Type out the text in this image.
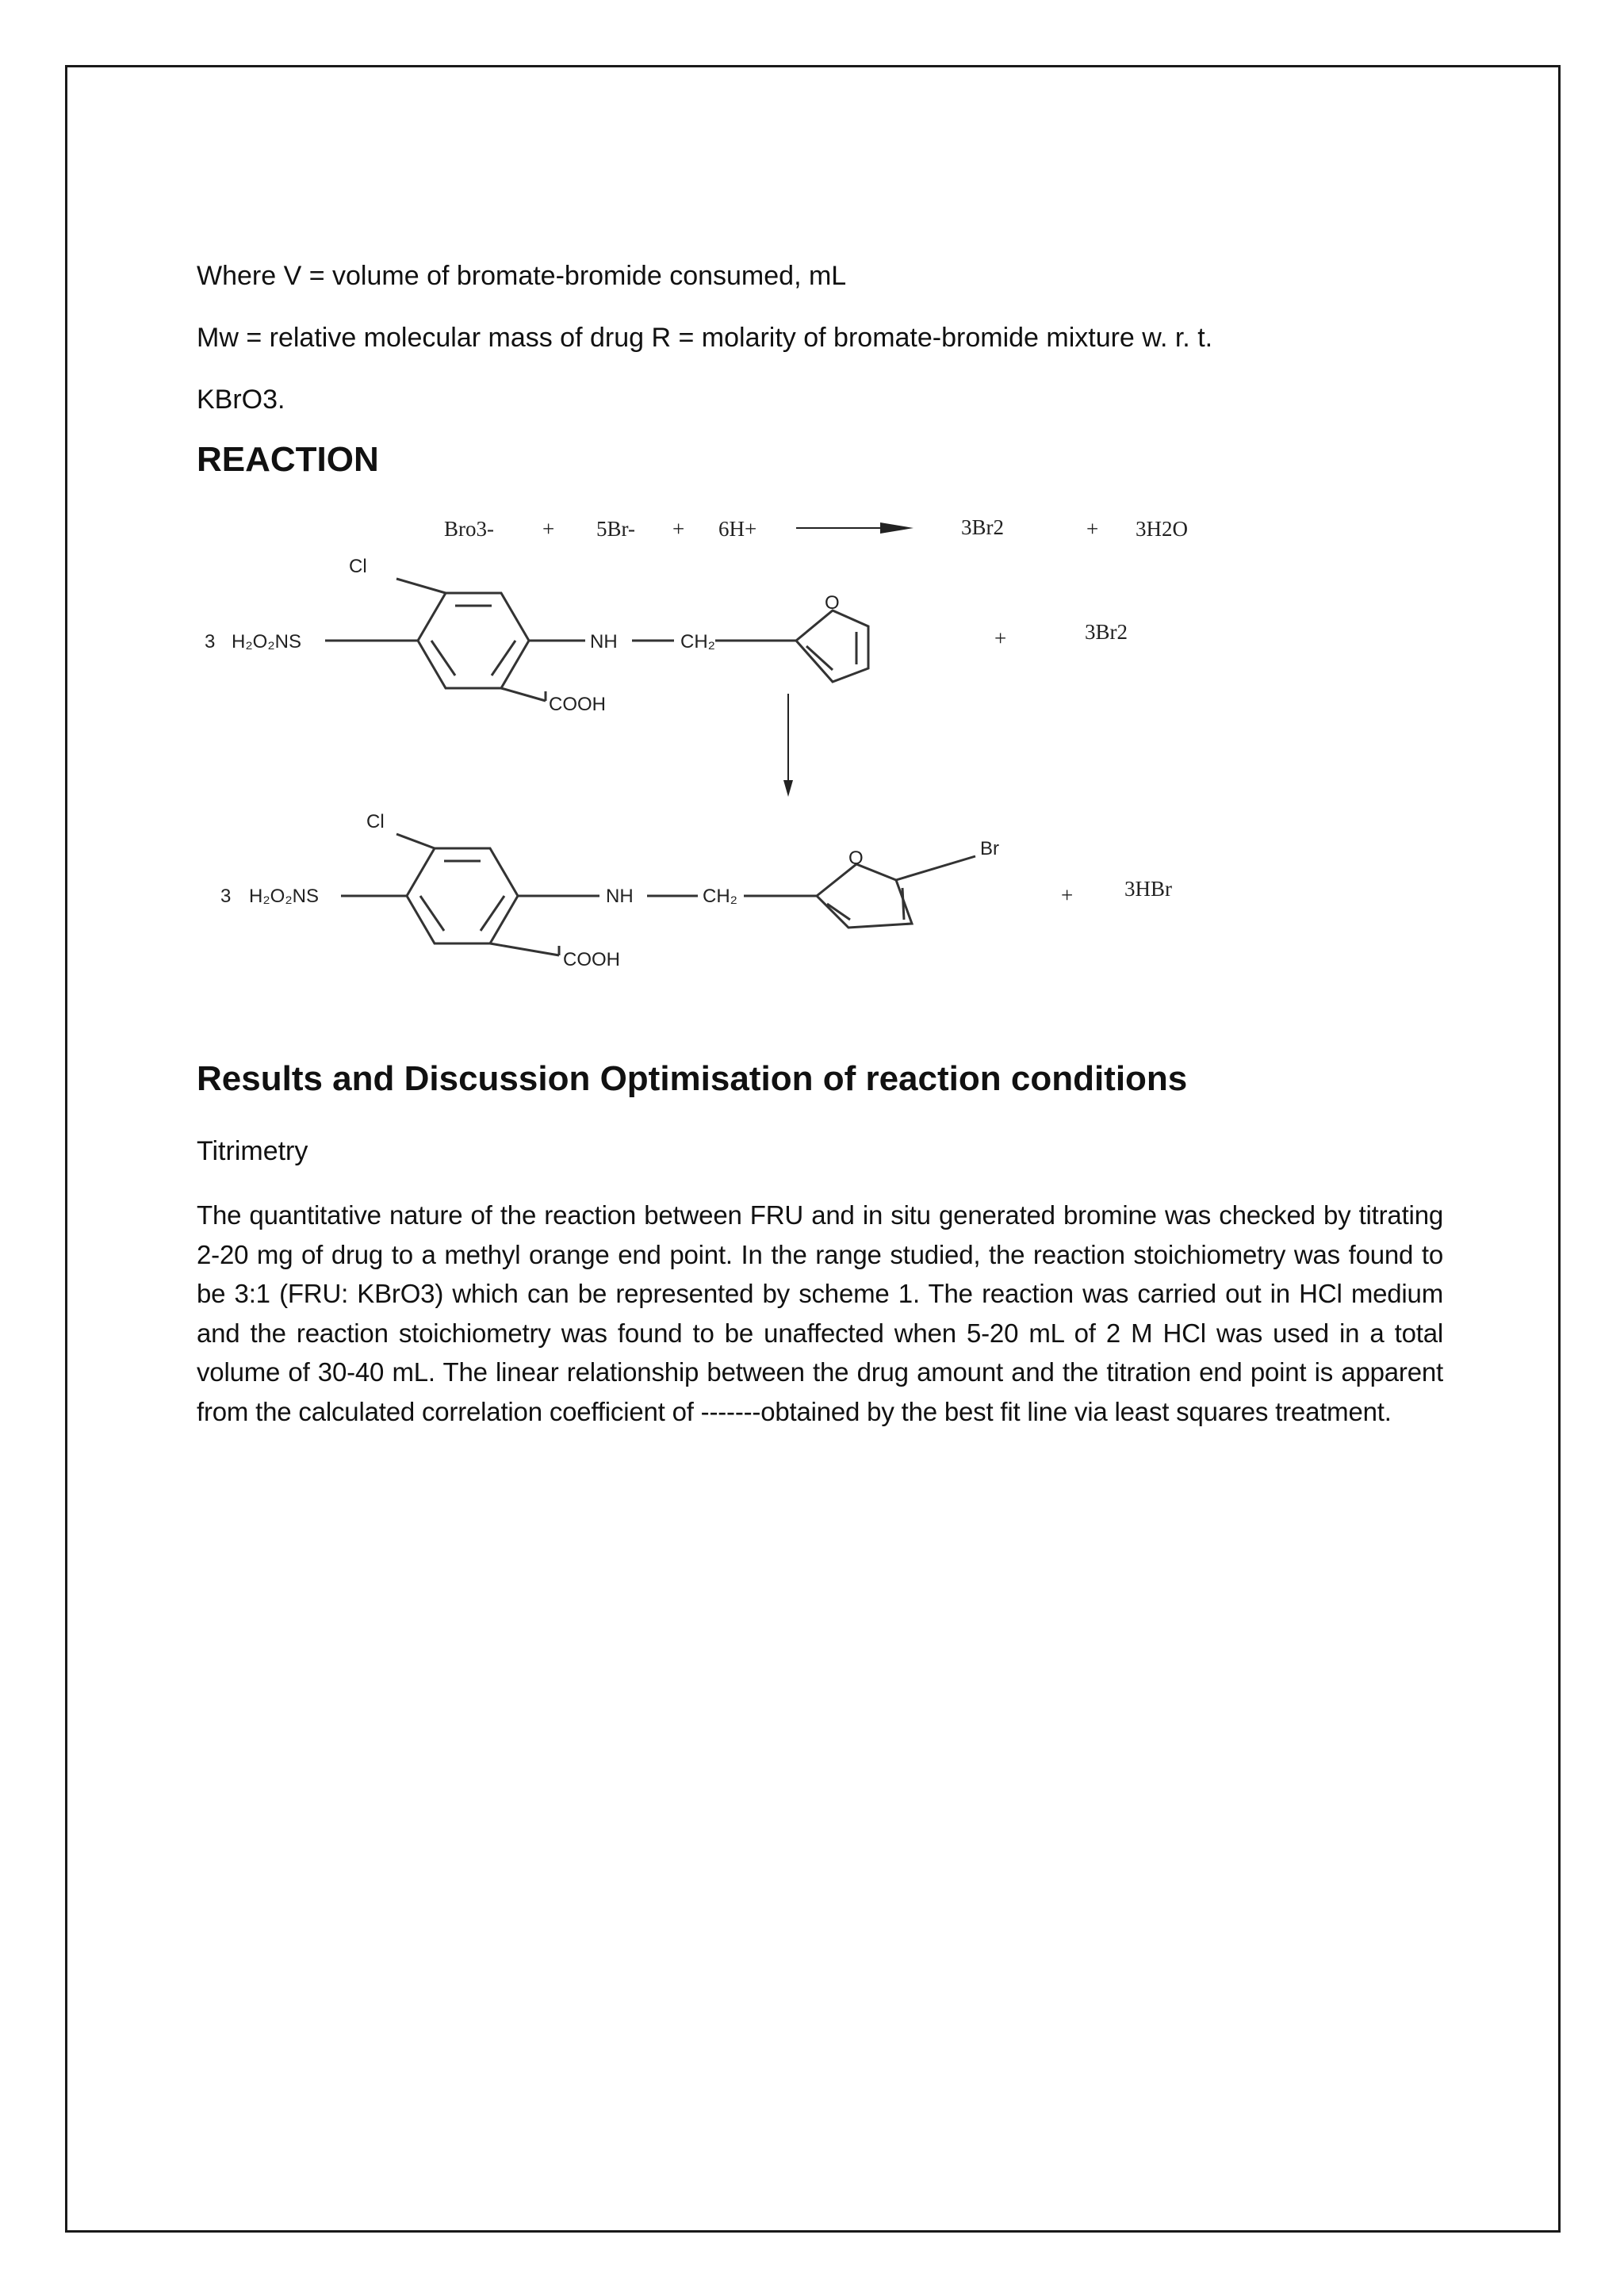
Where V = volume of bromate-bromide consumed, mL
Mw = relative molecular mass of drug R = molarity of bromate-bromide mixture w. r. t.
KBrO3.
REACTION
Bro3- + 5Br- + 6H+	3Br2	+ 3H2O
3 H₂O₂NS
Cl
NH	CH₂
O
COOH
+	3Br2
3 H₂O₂NS
Cl
NH	CH₂
O	Br
COOH
+ 3HBr
Results and Discussion Optimisation of reaction conditions
Titrimetry
The quantitative nature of the reaction between FRU and in situ generated bromine was checked by titrating 2-20 mg of drug to a methyl orange end point. In the range studied, the reaction stoichiometry was found to be 3:1 (FRU: KBrO3) which can be represented by scheme 1. The reaction was carried out in HCl medium and the reaction stoichiometry was found to be unaffected when 5-20 mL of 2 M HCl was used in a total volume of 30-40 mL. The linear relationship between the drug amount and the titration end point is apparent from the calculated correlation coefficient of -------obtained by the best fit line via least squares treatment.
